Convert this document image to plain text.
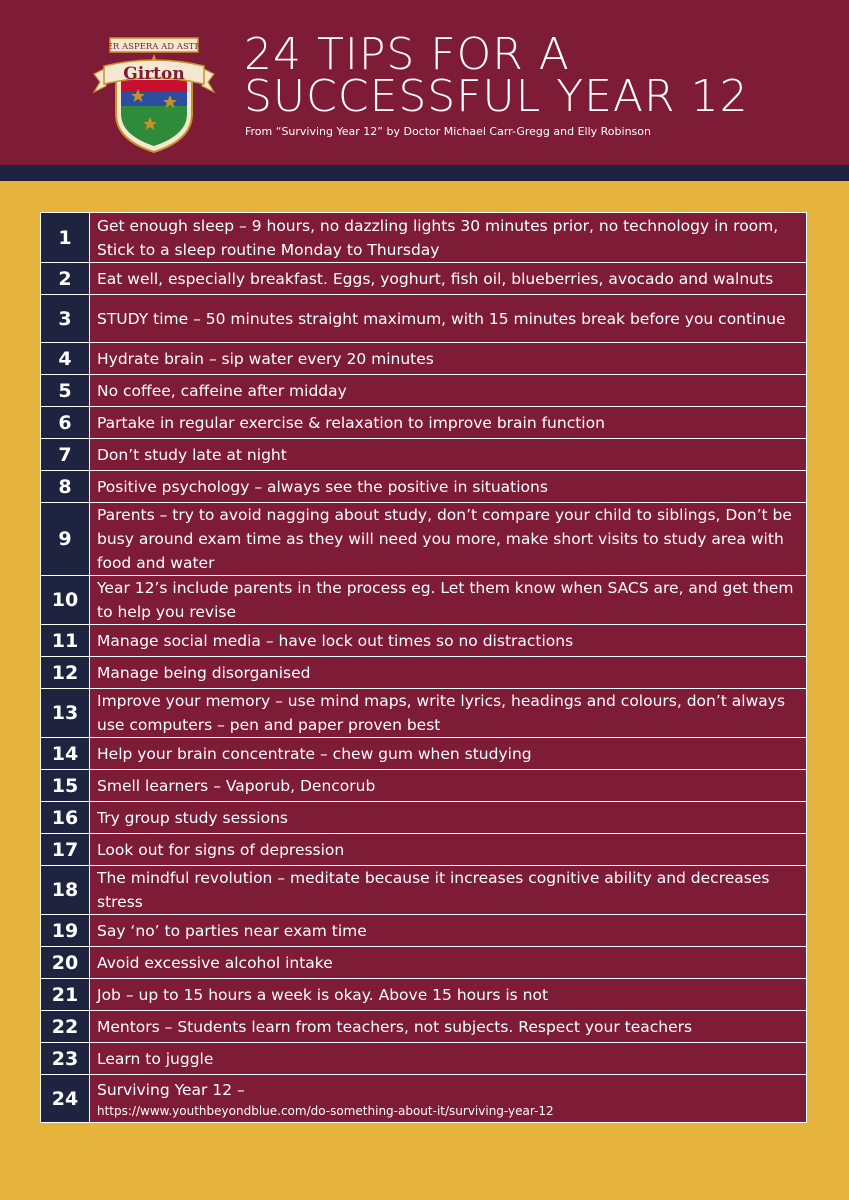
PER ASPERA AD ASTRA
Girton 24 TIPS FOR A
SUCCESSFUL YEAR 12

From “Surviving Year 12” by Doctor Michael Carr-Gregg and Elly Robinson

1	Get enough sleep – 9 hours, no dazzling lights 30 minutes prior, no technology in room, Stick to a sleep routine Monday to Thursday
2	Eat well, especially breakfast. Eggs, yoghurt, fish oil, blueberries, avocado and walnuts
3	STUDY time – 50 minutes straight maximum, with 15 minutes break before you continue
4	Hydrate brain – sip water every 20 minutes
5	No coffee, caffeine after midday
6	Partake in regular exercise & relaxation to improve brain function
7	Don’t study late at night
8	Positive psychology – always see the positive in situations
9	Parents – try to avoid nagging about study, don’t compare your child to siblings, Don’t be busy around exam time as they will need you more, make short visits to study area with food and water
10	Year 12’s include parents in the process eg. Let them know when SACS are, and get them to help you revise
11	Manage social media – have lock out times so no distractions
12	Manage being disorganised
13	Improve your memory – use mind maps, write lyrics, headings and colours, don’t always use computers – pen and paper proven best
14	Help your brain concentrate – chew gum when studying
15	Smell learners – Vaporub, Dencorub
16	Try group study sessions
17	Look out for signs of depression
18	The mindful revolution – meditate because it increases cognitive ability and decreases stress
19	Say ‘no’ to parties near exam time
20	Avoid excessive alcohol intake
21	Job – up to 15 hours a week is okay. Above 15 hours is not
22	Mentors – Students learn from teachers, not subjects. Respect your teachers
23	Learn to juggle
24	Surviving Year 12 –
https://www.youthbeyondblue.com/do-something-about-it/surviving-year-12
